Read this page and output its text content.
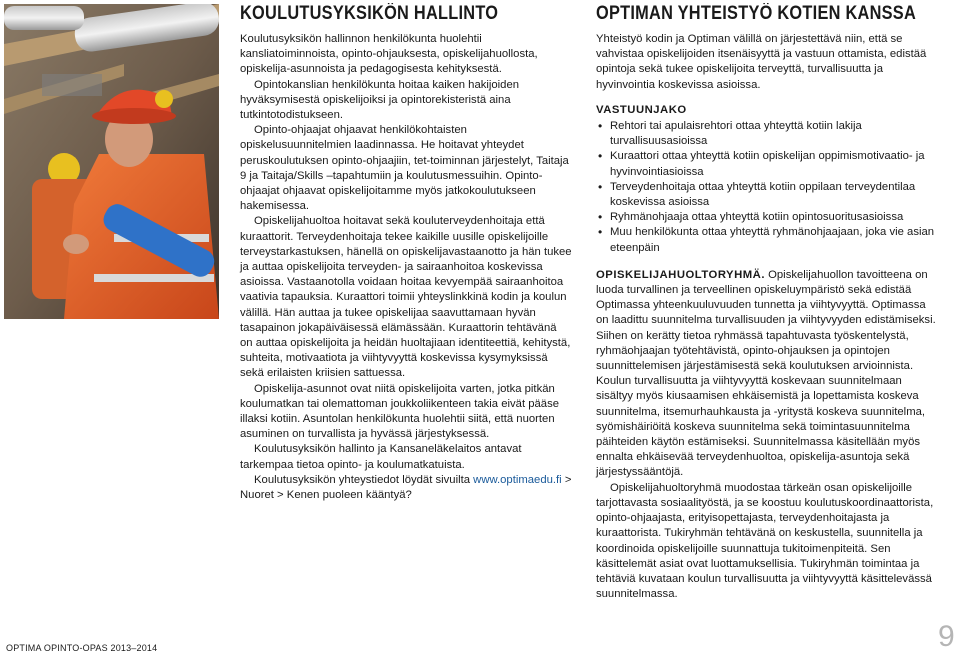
KOULUTUSYKSIKÖN HALLINTO

Koulutusyksikön hallinnon henkilökunta huolehtii kansliatoiminnoista, opinto-ohjauksesta, opiskelijahuollosta, opiskelija-asunnoista ja pedagogisesta kehityksestä.

Opintokanslian henkilökunta hoitaa kaiken hakijoiden hyväksymisestä opiskelijoiksi ja opintorekisteristä aina tutkintotodistukseen.

Opinto-ohjaajat ohjaavat henkilökohtaisten opiskelusuunnitelmien laadinnassa. He hoitavat yhteydet peruskoulutuksen opinto-ohjaajiin, tet-toiminnan järjestelyt, Taitaja 9 ja Taitaja/Skills –tapahtumiin ja koulutusmessuihin. Opinto-ohjaajat ohjaavat opiskelijoitamme myös jatkokoulutukseen hakemisessa.

Opiskelijahuoltoa hoitavat sekä kouluterveydenhoitaja että kuraattorit. Terveydenhoitaja tekee kaikille uusille opiskelijoille terveystarkastuksen, hänellä on opiskelijavastaanotto ja hän tukee ja auttaa opiskelijoita terveyden- ja sairaanhoitoa koskevissa asioissa. Vastaanotolla voidaan hoitaa kevyempää sairaanhoitoa vaativia tapauksia. Kuraattori toimii yhteyslinkkinä kodin ja koulun välillä. Hän auttaa ja tukee opiskelijaa saavuttamaan hyvän tasapainon jokapäiväisessä elämässään. Kuraattorin tehtävänä on auttaa opiskelijoita ja heidän huoltajiaan identiteettiä, kehitystä, suhteita, motivaatiota ja viihtyvyyttä koskevissa kysymyksissä sekä erilaisten kriisien sattuessa.

Opiskelija-asunnot ovat niitä opiskelijoita varten, jotka pitkän koulumatkan tai olemattoman joukkoliikenteen takia eivät pääse illaksi kotiin. Asuntolan henkilökunta huolehtii siitä, että nuorten asuminen on turvallista ja hyvässä järjestyksessä.

Koulutusyksikön hallinto ja Kansaneläkelaitos antavat tarkempaa tietoa opinto- ja koulumatkatuista.

Koulutusyksikön yhteystiedot löydät sivuilta www.optimaedu.fi > Nuoret > Kenen puoleen kääntyä?

OPTIMAN YHTEISTYÖ KOTIEN KANSSA

Yhteistyö kodin ja Optiman välillä on järjestettävä niin, että se vahvistaa opiskelijoiden itsenäisyyttä ja vastuun ottamista, edistää opintoja sekä tukee opiskelijoita terveyttä, turvallisuutta ja hyvinvointia koskevissa asioissa.

VASTUUNJAKO
• Rehtori tai apulaisrehtori ottaa yhteyttä kotiin lakija turvallisuusasioissa
• Kuraattori ottaa yhteyttä kotiin opiskelijan oppimismotivaatio- ja hyvinvointiasioissa
• Terveydenhoitaja ottaa yhteyttä kotiin oppilaan terveydentilaa koskevissa asioissa
• Ryhmänohjaaja ottaa yhteyttä kotiin opintosuoritusasioissa
• Muu henkilökunta ottaa yhteyttä ryhmänohjaajaan, joka vie asian eteenpäin

OPISKELIJAHUOLTORYHMÄ. Opiskelijahuollon tavoitteena on luoda turvallinen ja terveellinen opiskeluympäristö sekä edistää Optimassa yhteenkuuluvuuden tunnetta ja viihtyvyyttä. Optimassa on laadittu suunnitelma turvallisuuden ja viihtyvyyden edistämiseksi. Siihen on kerätty tietoa ryhmässä tapahtuvasta työskentelystä, ryhmäohjaajan työtehtävistä, opinto-ohjauksen ja opintojen suunnittelemisen järjestämisestä sekä koulutuksen arvioinnista. Koulun turvallisuutta ja viihtyvyyttä koskevaan suunnitelmaan sisältyy myös kiusaamisen ehkäisemistä ja lopettamista koskeva suunnitelma, itsemurhauhkausta ja -yritystä koskeva suunnitelma, syömishäiriöitä koskeva suunnitelma sekä toimintasuunnitelma päihteiden käytön estämiseksi. Suunnitelmassa käsitellään myös ennalta ehkäisevää terveydenhuoltoa, opiskelija-asuntoja sekä järjestyssääntöjä.

Opiskelijahuoltoryhmä muodostaa tärkeän osan opiskelijoille tarjottavasta sosiaalityöstä, ja se koostuu koulutuskoordinaattorista, opinto-ohjaajasta, erityisopettajasta, terveydenhoitajasta ja kuraattorista. Tukiryhmän tehtävänä on keskustella, suunnitella ja koordinoida opiskelijoille suunnattuja tukitoimenpiteitä. Sen käsittelemät asiat ovat luottamuksellisia. Tukiryhmän toimintaa ja tehtäviä kuvataan koulun turvallisuutta ja viihtyvyyttä käsittelevässä suunnitelmassa.

OPTIMA OPINTO-OPAS 2013–2014	9
